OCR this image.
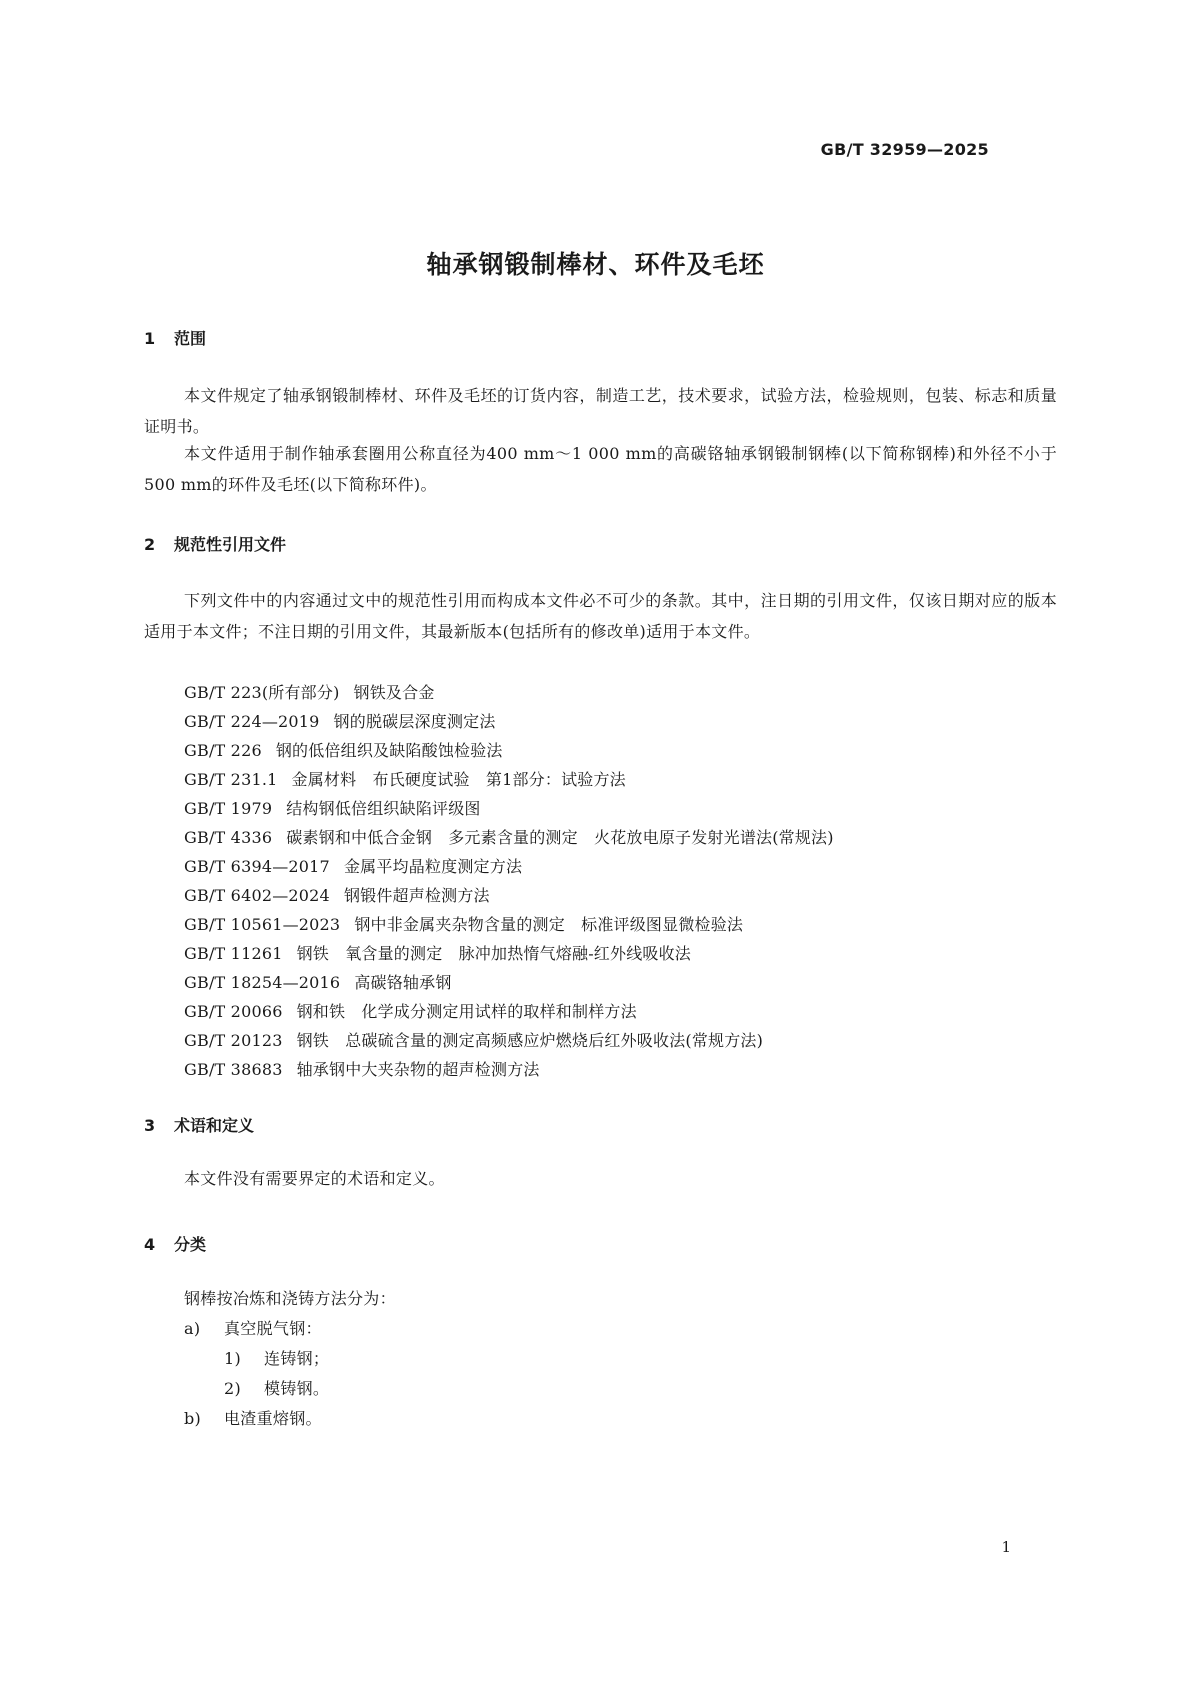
GB/T 32959—2025
轴承钢锻制棒材、环件及毛坯
1 范围
本文件规定了轴承钢锻制棒材、环件及毛坯的订货内容，制造工艺，技术要求，试验方法，检验规则，包装、标志和质量证明书。
本文件适用于制作轴承套圈用公称直径为400 mm～1 000 mm的高碳铬轴承钢锻制钢棒(以下简称钢棒)和外径不小于500 mm的环件及毛坯(以下简称环件)。
2 规范性引用文件
下列文件中的内容通过文中的规范性引用而构成本文件必不可少的条款。其中，注日期的引用文件，仅该日期对应的版本适用于本文件；不注日期的引用文件，其最新版本(包括所有的修改单)适用于本文件。
GB/T 223(所有部分) 钢铁及合金
GB/T 224—2019 钢的脱碳层深度测定法
GB/T 226 钢的低倍组织及缺陷酸蚀检验法
GB/T 231.1 金属材料　布氏硬度试验　第1部分：试验方法
GB/T 1979 结构钢低倍组织缺陷评级图
GB/T 4336 碳素钢和中低合金钢　多元素含量的测定　火花放电原子发射光谱法(常规法)
GB/T 6394—2017 金属平均晶粒度测定方法
GB/T 6402—2024 钢锻件超声检测方法
GB/T 10561—2023 钢中非金属夹杂物含量的测定　标准评级图显微检验法
GB/T 11261 钢铁　氧含量的测定　脉冲加热惰气熔融-红外线吸收法
GB/T 18254—2016 高碳铬轴承钢
GB/T 20066 钢和铁　化学成分测定用试样的取样和制样方法
GB/T 20123 钢铁　总碳硫含量的测定高频感应炉燃烧后红外吸收法(常规方法)
GB/T 38683 轴承钢中大夹杂物的超声检测方法
3 术语和定义
本文件没有需要界定的术语和定义。
4 分类
钢棒按冶炼和浇铸方法分为：
a) 真空脱气钢：
1) 连铸钢；
2) 模铸钢。
b) 电渣重熔钢。
1
